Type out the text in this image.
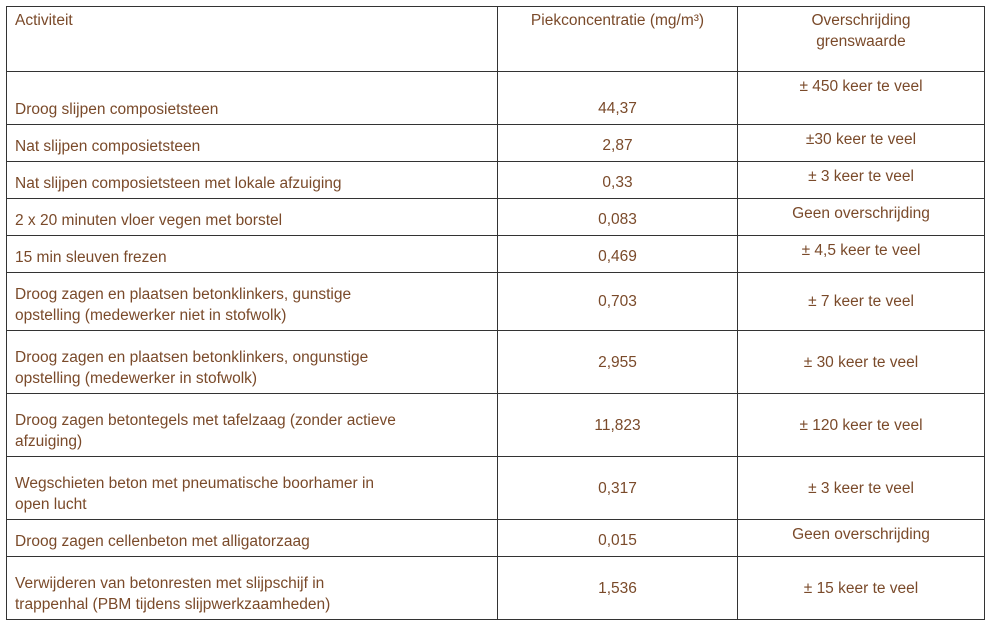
Activiteit	Piekconcentratie (mg/m³)	Overschrijding
grenswaarde
Droog slijpen composietsteen	44,37	± 450 keer te veel
Nat slijpen composietsteen	2,87	±30 keer te veel
Nat slijpen composietsteen met lokale afzuiging	0,33	± 3 keer te veel
2 x 20 minuten vloer vegen met borstel	0,083	Geen overschrijding
15 min sleuven frezen	0,469	± 4,5 keer te veel
Droog zagen en plaatsen betonklinkers, gunstige
opstelling (medewerker niet in stofwolk)	0,703	± 7 keer te veel
Droog zagen en plaatsen betonklinkers, ongunstige
opstelling (medewerker in stofwolk)	2,955	± 30 keer te veel
Droog zagen betontegels met tafelzaag (zonder actieve
afzuiging)	11,823	± 120 keer te veel
Wegschieten beton met pneumatische boorhamer in
open lucht	0,317	± 3 keer te veel
Droog zagen cellenbeton met alligatorzaag	0,015	Geen overschrijding
Verwijderen van betonresten met slijpschijf in
trappenhal (PBM tijdens slijpwerkzaamheden)	1,536	± 15 keer te veel
